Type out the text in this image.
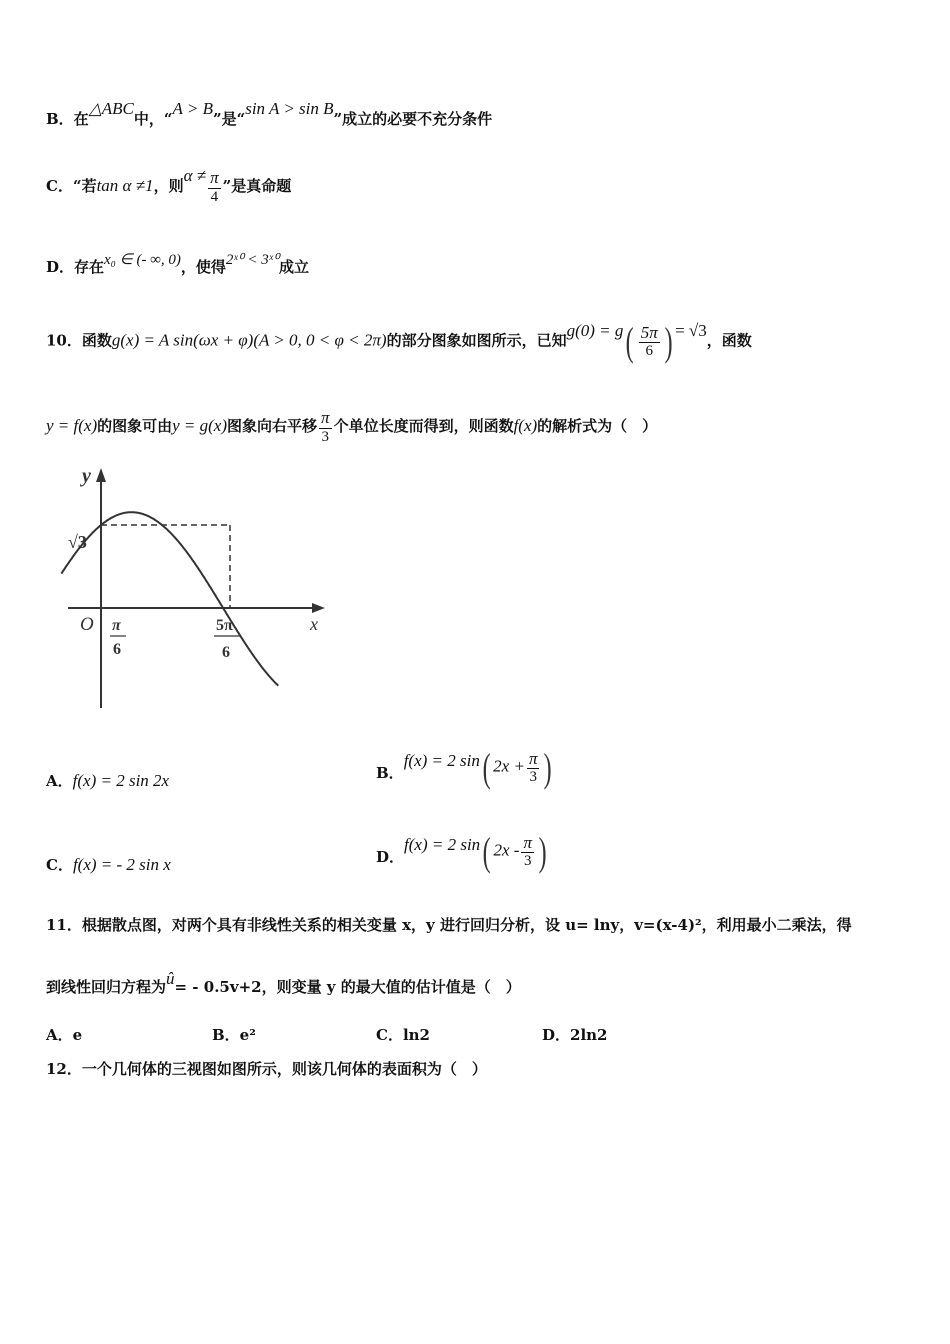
B．在△ABC中，“A > B”是“sin A > sin B”成立的必要不充分条件
C．“若tan α ≠1，则$\alpha \ne \frac{\pi}{4}$ ”是真命题
D．存在x₀ ∈ (- ∞, 0)，使得2ˣ⁰ < 3ˣ⁰成立
10．函数g(x) = A sin(ωx + φ)(A > 0, 0 < φ < 2π)的部分图象如图所示，已知$g(0) = g( \frac{5\pi}{6}$ ) = √3，函数
y = f(x)的图象可由y = g(x)图象向右平移 $\frac{\pi}{3}$ 个单位长度而得到，则函数f(x)的解析式为（　）
y
x
O
√3
π
6
5π
6
A．f(x) = 2 sin 2x	B．f(x) = 2 sin( $2x + \frac{\pi}{3}$ )
C．f(x) = - 2 sin x	D．f(x) = 2 sin( $2x - \frac{\pi}{3}$ )
11．根据散点图，对两个具有非线性关系的相关变量 x，y 进行回归分析，设 u= lny，v=(x-4)²，利用最小二乘法，得
到线性回归方程为û= - 0.5v+2，则变量 y 的最大值的估计值是（　）
A．e	B．e²	C．ln2	D．2ln2
12．一个几何体的三视图如图所示，则该几何体的表面积为（　）
